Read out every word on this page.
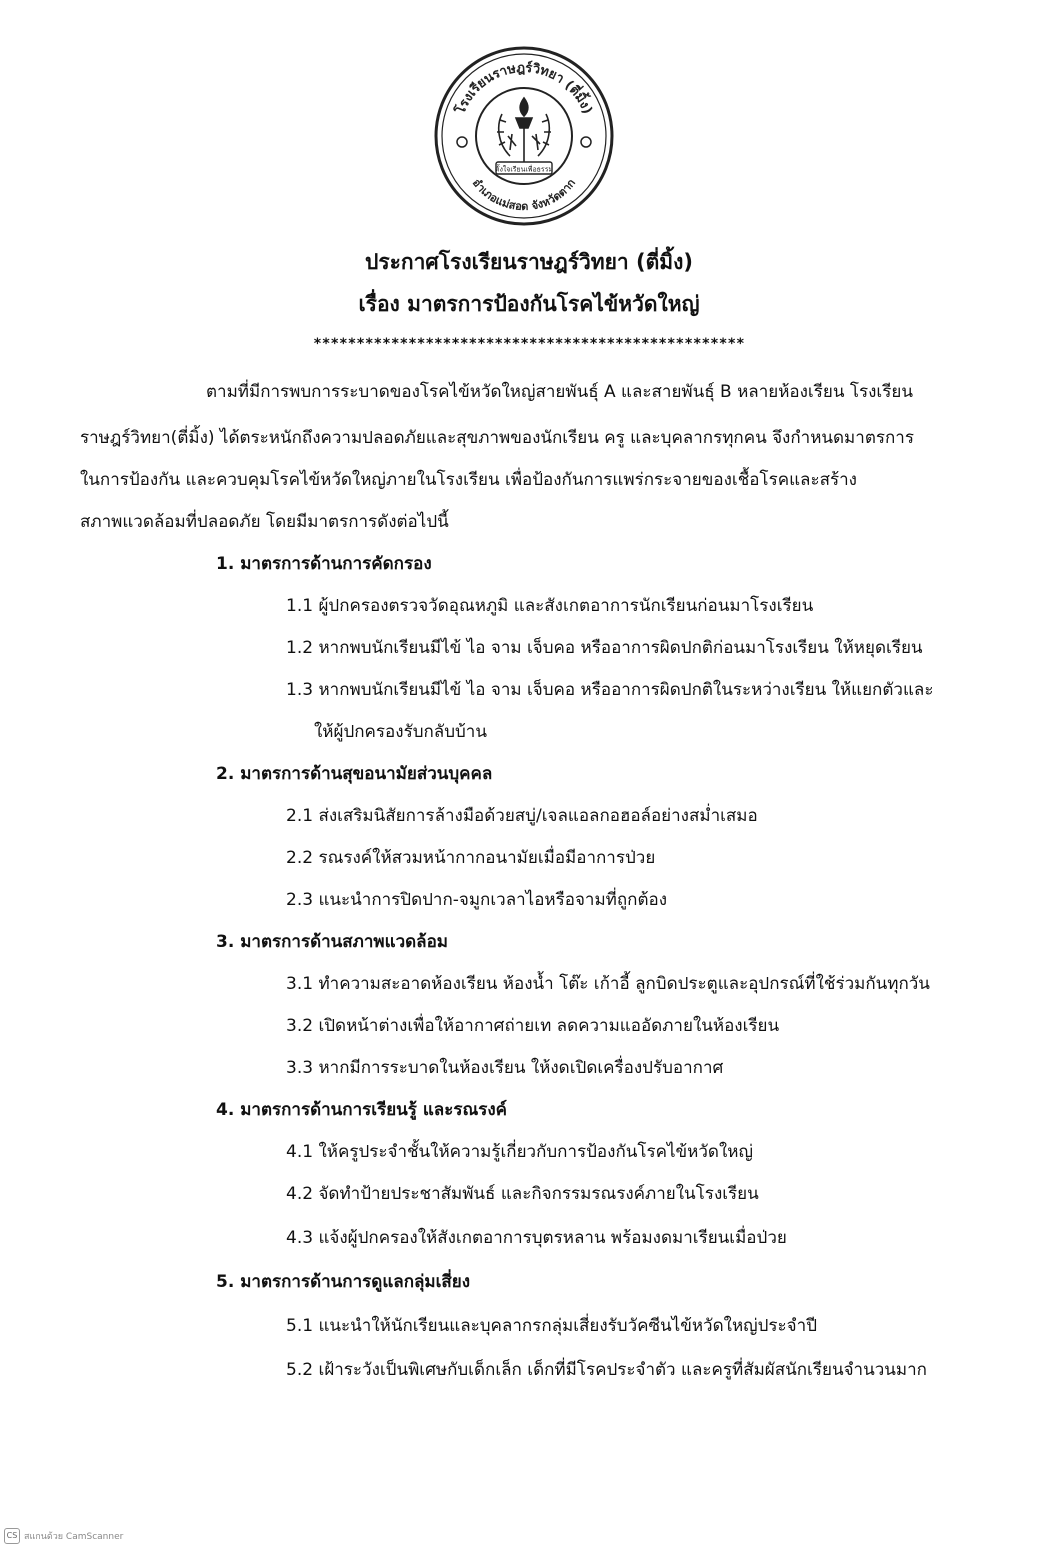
โรงเรียนราษฎร์วิทยา (ตี่มิ้ง)
อำเภอแม่สอด จังหวัดตาก
ตั้งใจเรียนเพื่อธรรม
ประกาศโรงเรียนราษฎร์วิทยา (ตี่มิ้ง)
เรื่อง มาตรการป้องกันโรคไข้หวัดใหญ่
**************************************************
ตามที่มีการพบการระบาดของโรคไข้หวัดใหญ่สายพันธุ์ A และสายพันธุ์ B หลายห้องเรียน โรงเรียน
ราษฎร์วิทยา(ตี่มิ้ง) ได้ตระหนักถึงความปลอดภัยและสุขภาพของนักเรียน ครู และบุคลากรทุกคน จึงกำหนดมาตรการ
ในการป้องกัน และควบคุมโรคไข้หวัดใหญ่ภายในโรงเรียน เพื่อป้องกันการแพร่กระจายของเชื้อโรคและสร้าง
สภาพแวดล้อมที่ปลอดภัย โดยมีมาตรการดังต่อไปนี้
1. มาตรการด้านการคัดกรอง
1.1 ผู้ปกครองตรวจวัดอุณหภูมิ และสังเกตอาการนักเรียนก่อนมาโรงเรียน
1.2 หากพบนักเรียนมีไข้ ไอ จาม เจ็บคอ หรืออาการผิดปกติก่อนมาโรงเรียน ให้หยุดเรียน
1.3 หากพบนักเรียนมีไข้ ไอ จาม เจ็บคอ หรืออาการผิดปกติในระหว่างเรียน ให้แยกตัวและ
ให้ผู้ปกครองรับกลับบ้าน
2. มาตรการด้านสุขอนามัยส่วนบุคคล
2.1 ส่งเสริมนิสัยการล้างมือด้วยสบู่/เจลแอลกอฮอล์อย่างสม่ำเสมอ
2.2 รณรงค์ให้สวมหน้ากากอนามัยเมื่อมีอาการป่วย
2.3 แนะนำการปิดปาก-จมูกเวลาไอหรือจามที่ถูกต้อง
3. มาตรการด้านสภาพแวดล้อม
3.1 ทำความสะอาดห้องเรียน ห้องน้ำ โต๊ะ เก้าอี้ ลูกบิดประตูและอุปกรณ์ที่ใช้ร่วมกันทุกวัน
3.2 เปิดหน้าต่างเพื่อให้อากาศถ่ายเท ลดความแออัดภายในห้องเรียน
3.3 หากมีการระบาดในห้องเรียน ให้งดเปิดเครื่องปรับอากาศ
4. มาตรการด้านการเรียนรู้ และรณรงค์
4.1 ให้ครูประจำชั้นให้ความรู้เกี่ยวกับการป้องกันโรคไข้หวัดใหญ่
4.2 จัดทำป้ายประชาสัมพันธ์ และกิจกรรมรณรงค์ภายในโรงเรียน
4.3 แจ้งผู้ปกครองให้สังเกตอาการบุตรหลาน พร้อมงดมาเรียนเมื่อป่วย
5. มาตรการด้านการดูแลกลุ่มเสี่ยง
5.1 แนะนำให้นักเรียนและบุคลากรกลุ่มเสี่ยงรับวัคซีนไข้หวัดใหญ่ประจำปี
5.2 เฝ้าระวังเป็นพิเศษกับเด็กเล็ก เด็กที่มีโรคประจำตัว และครูที่สัมผัสนักเรียนจำนวนมาก
CS สแกนด้วย CamScanner
